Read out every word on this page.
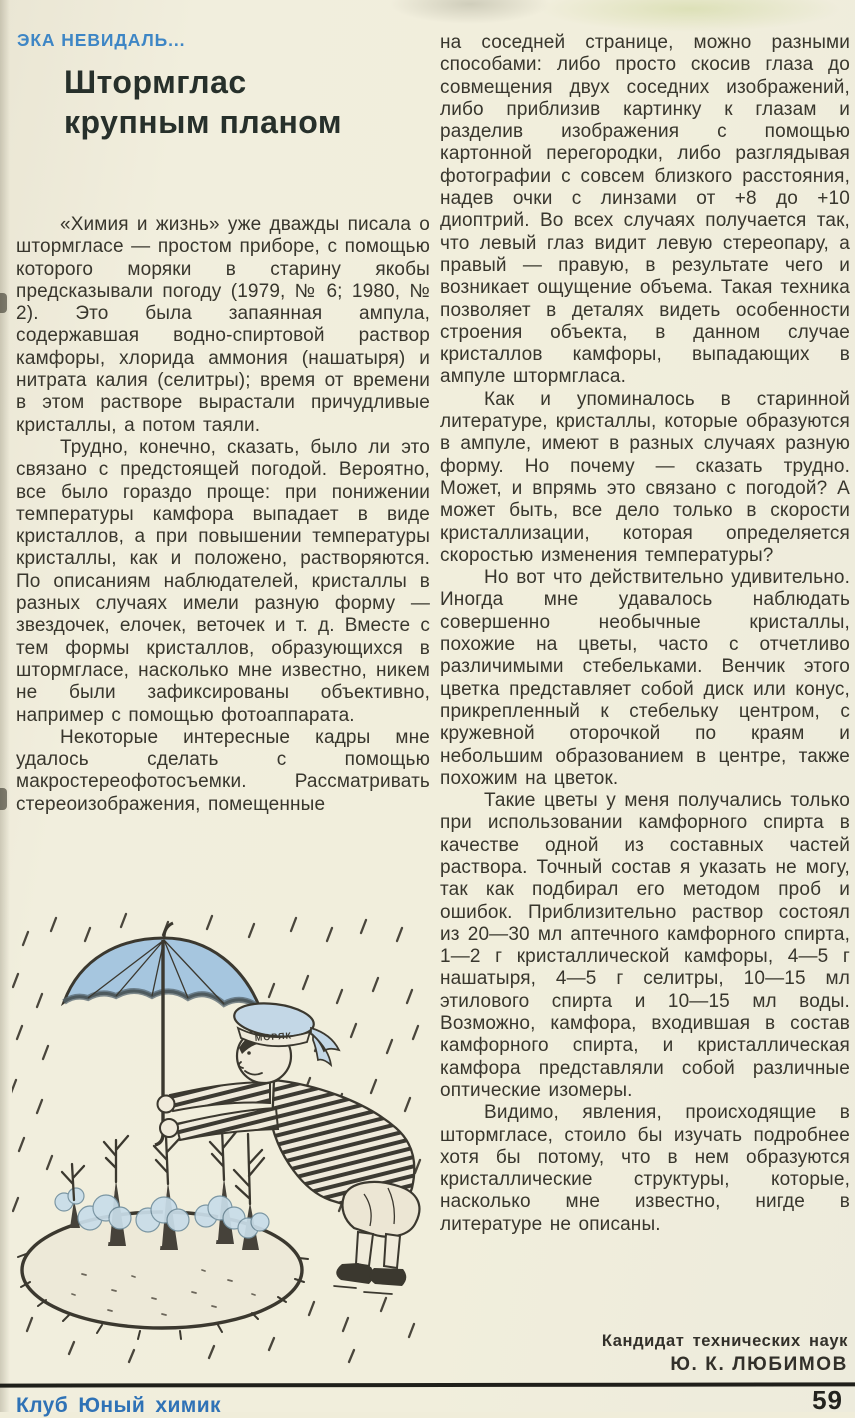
ЭКА НЕВИДАЛЬ...
Штормглас
крупным планом

«Химия и жизнь» уже дважды писала о штормгласе — простом приборе, с помощью которого моряки в старину якобы предсказывали погоду (1979, № 6; 1980, № 2). Это была запаянная ампула, содержавшая водно-спиртовой раствор камфоры, хлорида аммония (нашатыря) и нитрата калия (селитры); время от времени в этом растворе вырастали причудливые кристаллы, а потом таяли.

Трудно, конечно, сказать, было ли это связано с предстоящей погодой. Вероятно, все было гораздо проще: при понижении температуры камфора выпадает в виде кристаллов, а при повышении температуры кристаллы, как и положено, растворяются. По описаниям наблюдателей, кристаллы в разных случаях имели разную форму — звездочек, елочек, веточек и т. д. Вместе с тем формы кристаллов, образующихся в штормгласе, насколько мне известно, никем не были зафиксированы объективно, например с помощью фотоаппарата.

Некоторые интересные кадры мне удалось сделать с помощью макростереофотосъемки. Рассматривать стереоизображения, помещенные

на соседней странице, можно разными способами: либо просто скосив глаза до совмещения двух соседних изображений, либо приблизив картинку к глазам и разделив изображения с помощью картонной перегородки, либо разглядывая фотографии с совсем близкого расстояния, надев очки с линзами от +8 до +10 диоптрий. Во всех случаях получается так, что левый глаз видит левую стереопару, а правый — правую, в результате чего и возникает ощущение объема. Такая техника позволяет в деталях видеть особенности строения объекта, в данном случае кристаллов камфоры, выпадающих в ампуле штормгласа.

Как и упоминалось в старинной литературе, кристаллы, которые образуются в ампуле, имеют в разных случаях разную форму. Но почему — сказать трудно. Может, и впрямь это связано с погодой? А может быть, все дело только в скорости кристаллизации, которая определяется скоростью изменения температуры?

Но вот что действительно удивительно. Иногда мне удавалось наблюдать совершенно необычные кристаллы, похожие на цветы, часто с отчетливо различимыми стебельками. Венчик этого цветка представляет собой диск или конус, прикрепленный к стебельку центром, с кружевной оторочкой по краям и небольшим образованием в центре, также похожим на цветок.

Такие цветы у меня получались только при использовании камфорного спирта в качестве одной из составных частей раствора. Точный состав я указать не могу, так как подбирал его методом проб и ошибок. Приблизительно раствор состоял из 20—30 мл аптечного камфорного спирта, 1—2 г кристаллической камфоры, 4—5 г нашатыря, 4—5 г селитры, 10—15 мл этилового спирта и 10—15 мл воды. Возможно, камфора, входившая в состав камфорного спирта, и кристаллическая камфора представляли собой различные оптические изомеры.

Видимо, явления, происходящие в штормгласе, стоило бы изучать подробнее хотя бы потому, что в нем образуются кристаллические структуры, которые, насколько мне известно, нигде в литературе не описаны.

Кандидат технических наук
Ю. К. ЛЮБИМОВ
МОРЯК
Клуб Юный химик	59
